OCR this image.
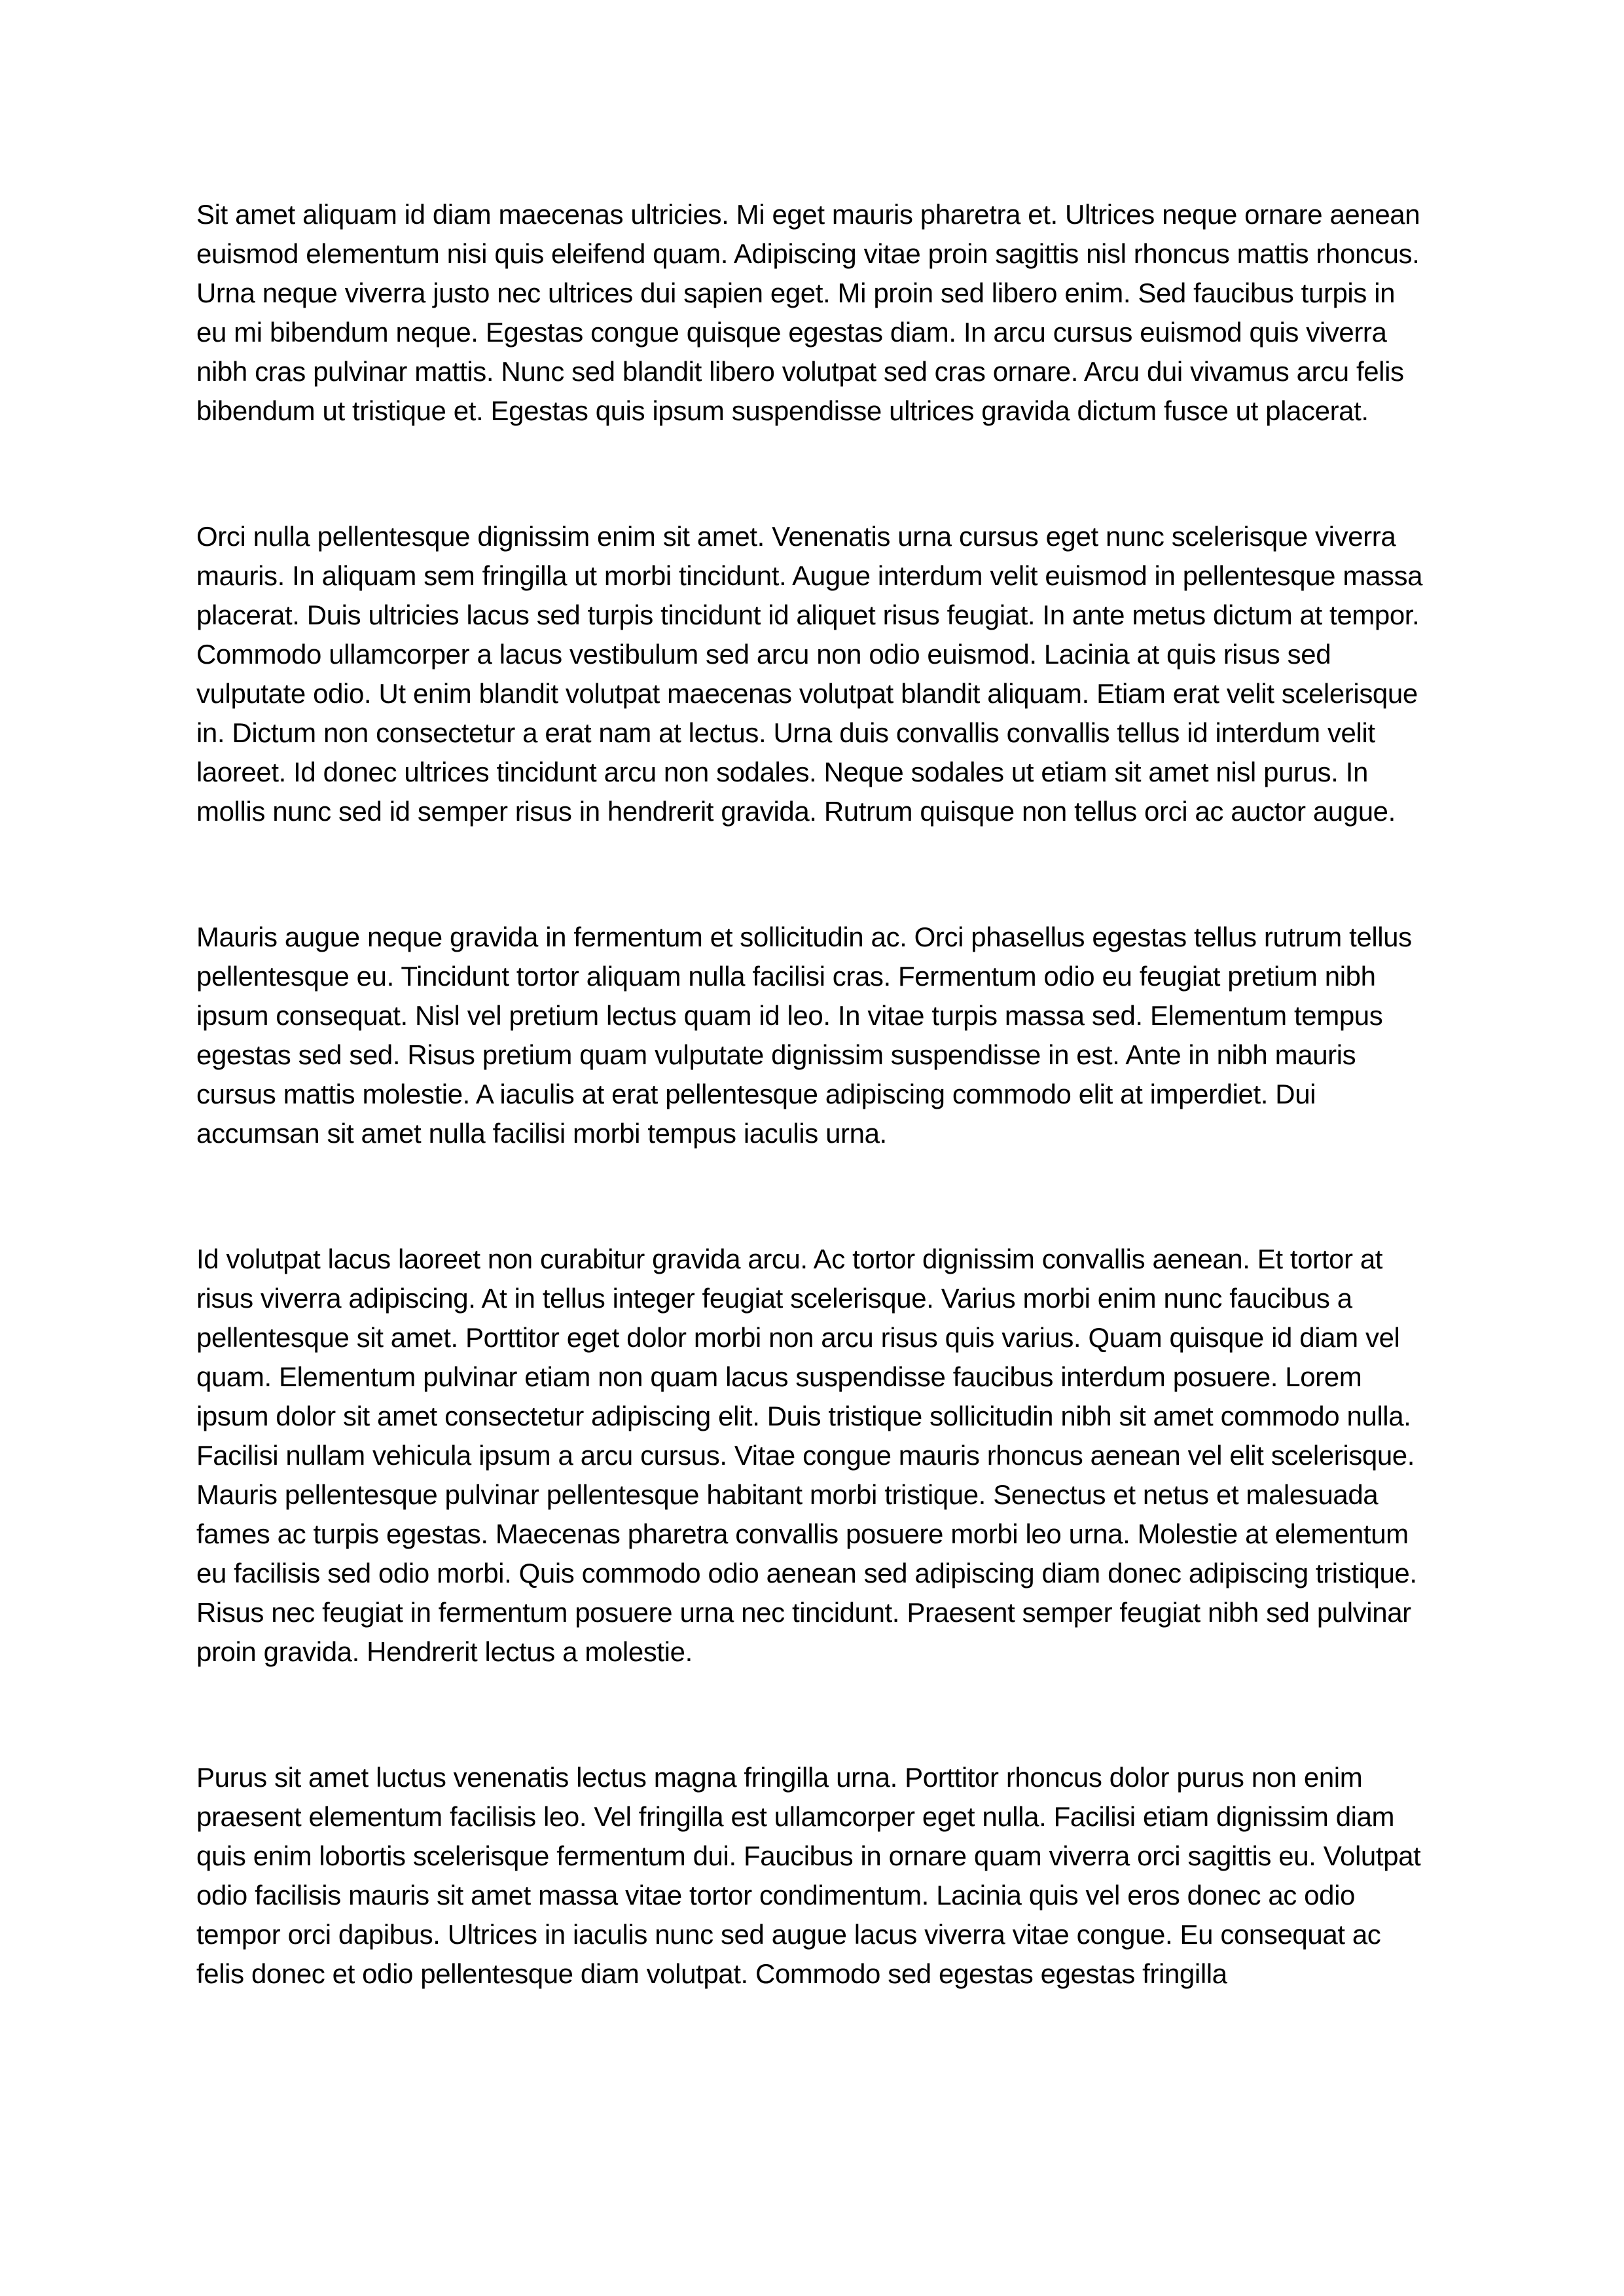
Sit amet aliquam id diam maecenas ultricies. Mi eget mauris pharetra et. Ultrices neque ornare aenean euismod elementum nisi quis eleifend quam. Adipiscing vitae proin sagittis nisl rhoncus mattis rhoncus. Urna neque viverra justo nec ultrices dui sapien eget. Mi proin sed libero enim. Sed faucibus turpis in eu mi bibendum neque. Egestas congue quisque egestas diam. In arcu cursus euismod quis viverra nibh cras pulvinar mattis. Nunc sed blandit libero volutpat sed cras ornare. Arcu dui vivamus arcu felis bibendum ut tristique et. Egestas quis ipsum suspendisse ultrices gravida dictum fusce ut placerat.

Orci nulla pellentesque dignissim enim sit amet. Venenatis urna cursus eget nunc scelerisque viverra mauris. In aliquam sem fringilla ut morbi tincidunt. Augue interdum velit euismod in pellentesque massa placerat. Duis ultricies lacus sed turpis tincidunt id aliquet risus feugiat. In ante metus dictum at tempor. Commodo ullamcorper a lacus vestibulum sed arcu non odio euismod. Lacinia at quis risus sed vulputate odio. Ut enim blandit volutpat maecenas volutpat blandit aliquam. Etiam erat velit scelerisque in. Dictum non consectetur a erat nam at lectus. Urna duis convallis convallis tellus id interdum velit laoreet. Id donec ultrices tincidunt arcu non sodales. Neque sodales ut etiam sit amet nisl purus. In mollis nunc sed id semper risus in hendrerit gravida. Rutrum quisque non tellus orci ac auctor augue.

Mauris augue neque gravida in fermentum et sollicitudin ac. Orci phasellus egestas tellus rutrum tellus pellentesque eu. Tincidunt tortor aliquam nulla facilisi cras. Fermentum odio eu feugiat pretium nibh ipsum consequat. Nisl vel pretium lectus quam id leo. In vitae turpis massa sed. Elementum tempus egestas sed sed. Risus pretium quam vulputate dignissim suspendisse in est. Ante in nibh mauris cursus mattis molestie. A iaculis at erat pellentesque adipiscing commodo elit at imperdiet. Dui accumsan sit amet nulla facilisi morbi tempus iaculis urna.

Id volutpat lacus laoreet non curabitur gravida arcu. Ac tortor dignissim convallis aenean. Et tortor at risus viverra adipiscing. At in tellus integer feugiat scelerisque. Varius morbi enim nunc faucibus a pellentesque sit amet. Porttitor eget dolor morbi non arcu risus quis varius. Quam quisque id diam vel quam. Elementum pulvinar etiam non quam lacus suspendisse faucibus interdum posuere. Lorem ipsum dolor sit amet consectetur adipiscing elit. Duis tristique sollicitudin nibh sit amet commodo nulla. Facilisi nullam vehicula ipsum a arcu cursus. Vitae congue mauris rhoncus aenean vel elit scelerisque. Mauris pellentesque pulvinar pellentesque habitant morbi tristique. Senectus et netus et malesuada fames ac turpis egestas. Maecenas pharetra convallis posuere morbi leo urna. Molestie at elementum eu facilisis sed odio morbi. Quis commodo odio aenean sed adipiscing diam donec adipiscing tristique. Risus nec feugiat in fermentum posuere urna nec tincidunt. Praesent semper feugiat nibh sed pulvinar proin gravida. Hendrerit lectus a molestie.

Purus sit amet luctus venenatis lectus magna fringilla urna. Porttitor rhoncus dolor purus non enim praesent elementum facilisis leo. Vel fringilla est ullamcorper eget nulla. Facilisi etiam dignissim diam quis enim lobortis scelerisque fermentum dui. Faucibus in ornare quam viverra orci sagittis eu. Volutpat odio facilisis mauris sit amet massa vitae tortor condimentum. Lacinia quis vel eros donec ac odio tempor orci dapibus. Ultrices in iaculis nunc sed augue lacus viverra vitae congue. Eu consequat ac felis donec et odio pellentesque diam volutpat. Commodo sed egestas egestas fringilla
